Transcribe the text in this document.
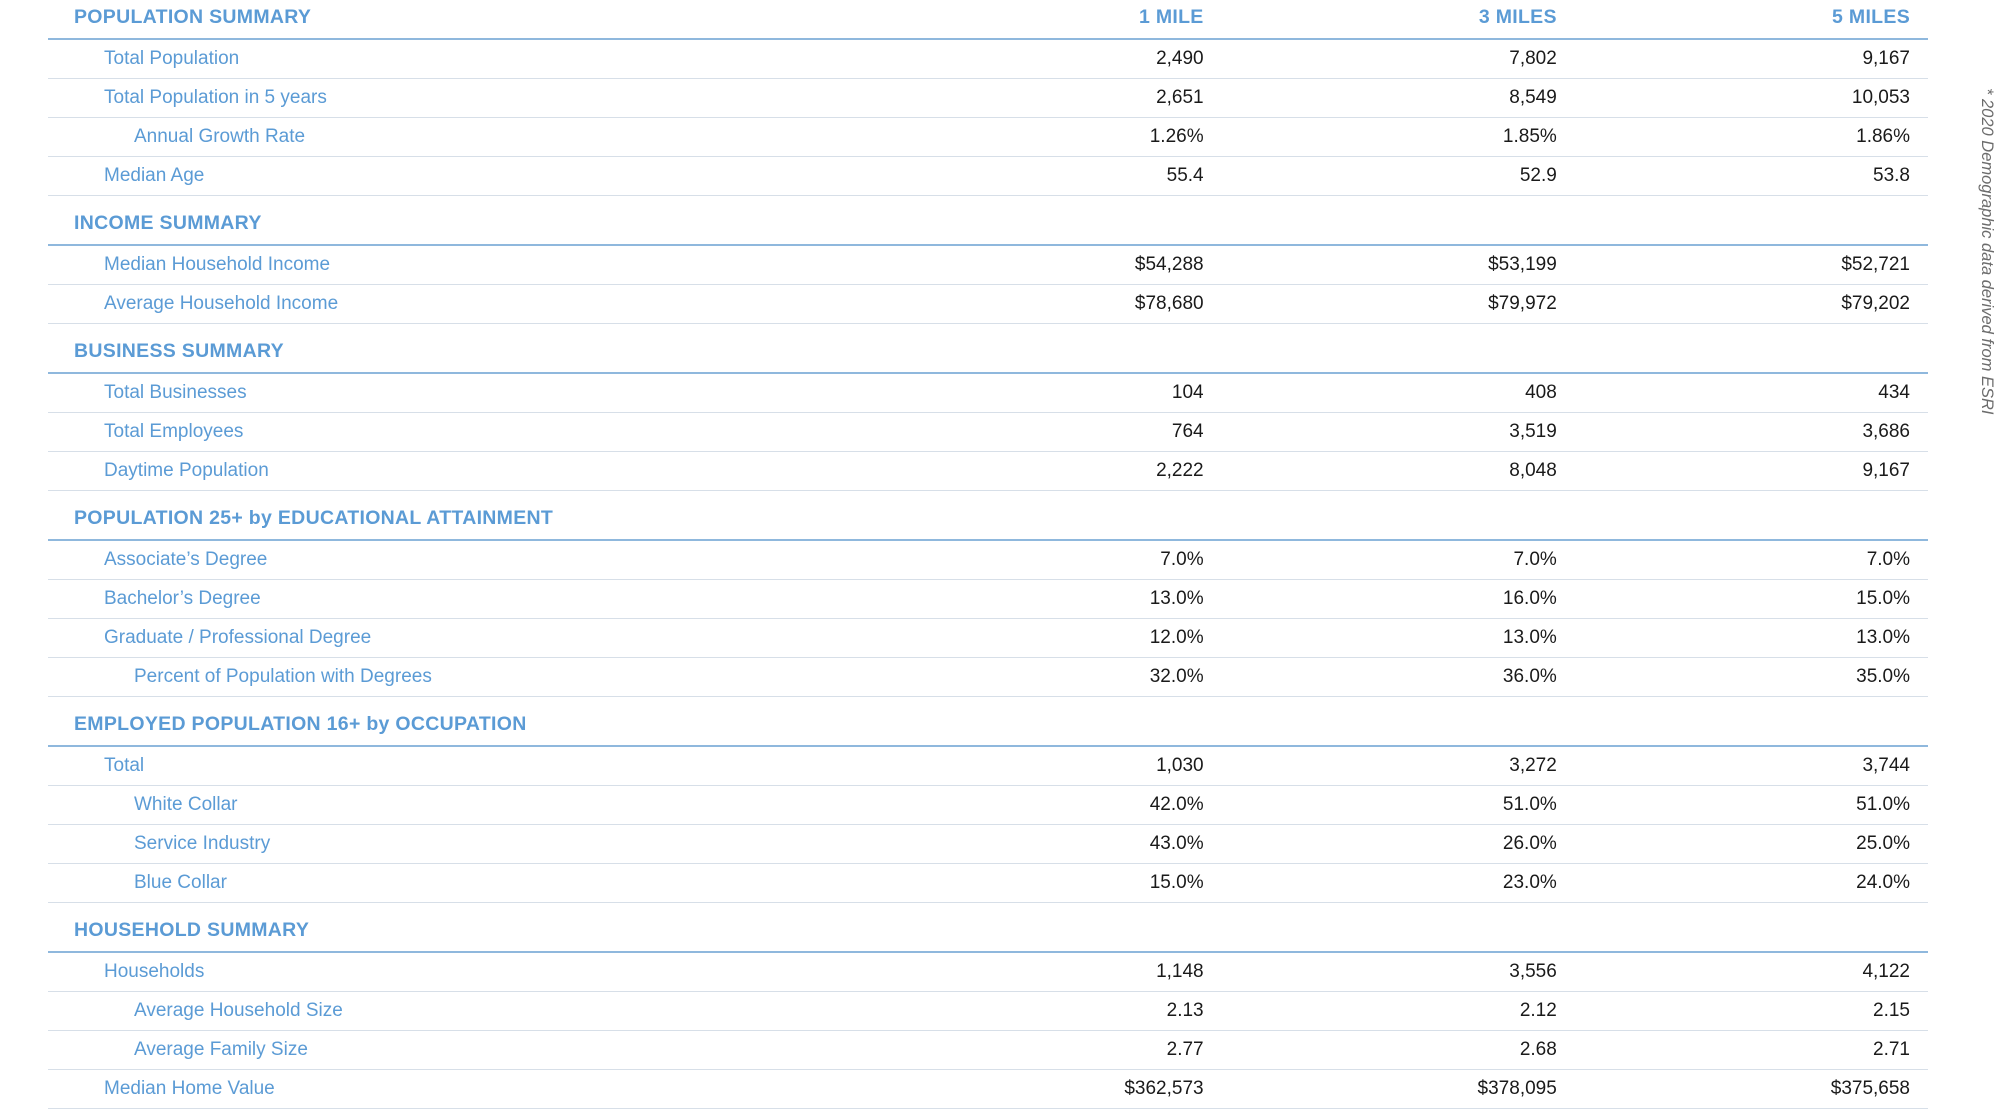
POPULATION SUMMARY	1 MILE	3 MILES	5 MILES
Total Population	2,490	7,802	9,167
Total Population in 5 years	2,651	8,549	10,053
Annual Growth Rate	1.26%	1.85%	1.86%
Median Age	55.4	52.9	53.8
INCOME SUMMARY			
Median Household Income	$54,288	$53,199	$52,721
Average Household Income	$78,680	$79,972	$79,202
BUSINESS SUMMARY			
Total Businesses	104	408	434
Total Employees	764	3,519	3,686
Daytime Population	2,222	8,048	9,167
POPULATION 25+ by EDUCATIONAL ATTAINMENT			
Associate’s Degree	7.0%	7.0%	7.0%
Bachelor’s Degree	13.0%	16.0%	15.0%
Graduate / Professional Degree	12.0%	13.0%	13.0%
Percent of Population with Degrees	32.0%	36.0%	35.0%
EMPLOYED POPULATION 16+ by OCCUPATION			
Total	1,030	3,272	3,744
White Collar	42.0%	51.0%	51.0%
Service Industry	43.0%	26.0%	25.0%
Blue Collar	15.0%	23.0%	24.0%
HOUSEHOLD SUMMARY			
Households	1,148	3,556	4,122
Average Household Size	2.13	2.12	2.15
Average Family Size	2.77	2.68	2.71
Median Home Value	$362,573	$378,095	$375,658
* 2020 Demographic data derived from ESRI
